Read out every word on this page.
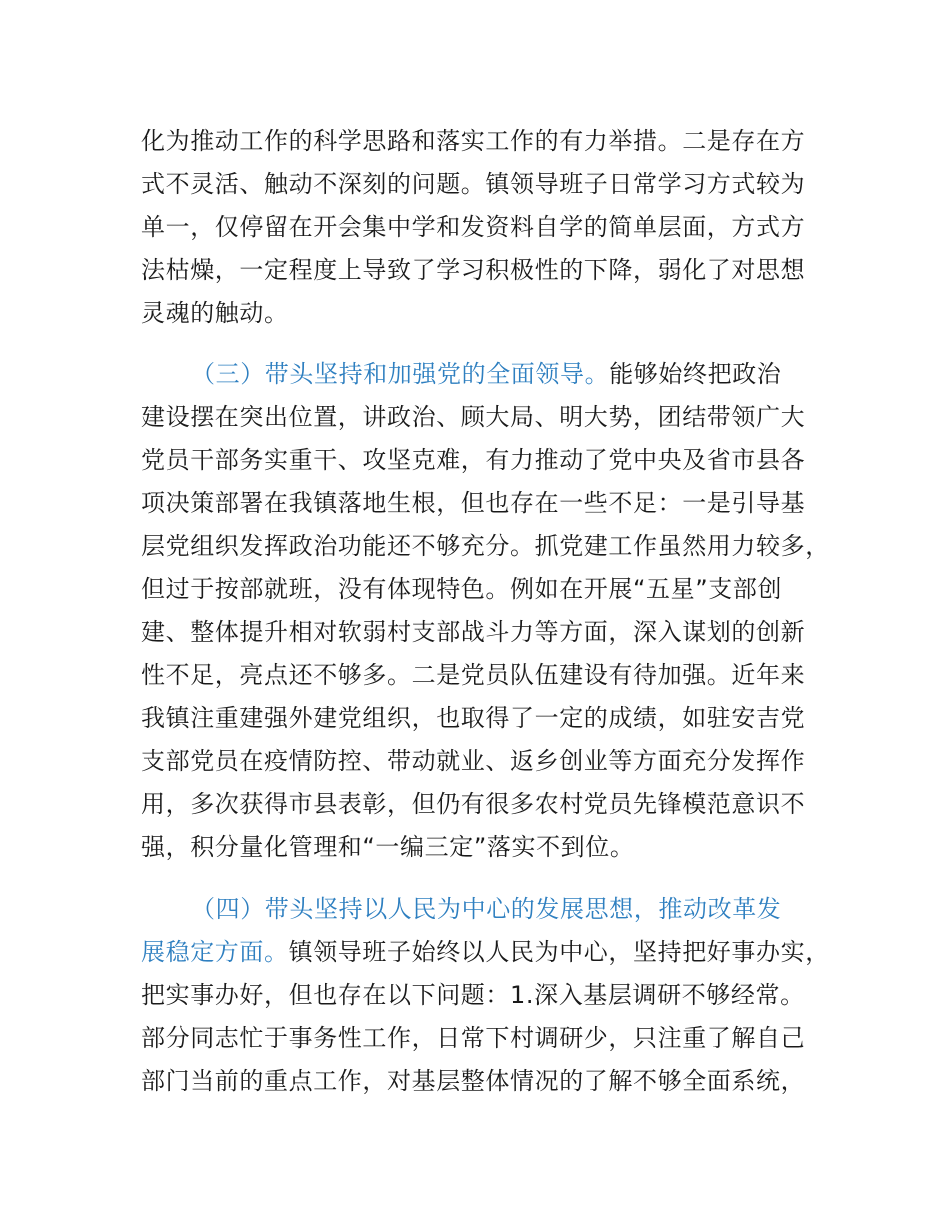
化为推动工作的科学思路和落实工作的有力举措。二是存在方
式不灵活、触动不深刻的问题。镇领导班子日常学习方式较为
单一，仅停留在开会集中学和发资料自学的简单层面，方式方
法枯燥，一定程度上导致了学习积极性的下降，弱化了对思想
灵魂的触动。
（三）带头坚持和加强党的全面领导。能够始终把政治
建设摆在突出位置，讲政治、顾大局、明大势，团结带领广大
党员干部务实重干、攻坚克难，有力推动了党中央及省市县各
项决策部署在我镇落地生根，但也存在一些不足：一是引导基
层党组织发挥政治功能还不够充分。抓党建工作虽然用力较多，
但过于按部就班，没有体现特色。例如在开展“五星”支部创
建、整体提升相对软弱村支部战斗力等方面，深入谋划的创新
性不足，亮点还不够多。二是党员队伍建设有待加强。近年来
我镇注重建强外建党组织，也取得了一定的成绩，如驻安吉党
支部党员在疫情防控、带动就业、返乡创业等方面充分发挥作
用，多次获得市县表彰，但仍有很多农村党员先锋模范意识不
强，积分量化管理和“一编三定”落实不到位。
（四）带头坚持以人民为中心的发展思想，推动改革发
展稳定方面。镇领导班子始终以人民为中心，坚持把好事办实，
把实事办好，但也存在以下问题：1.深入基层调研不够经常。
部分同志忙于事务性工作，日常下村调研少，只注重了解自己
部门当前的重点工作，对基层整体情况的了解不够全面系统，
